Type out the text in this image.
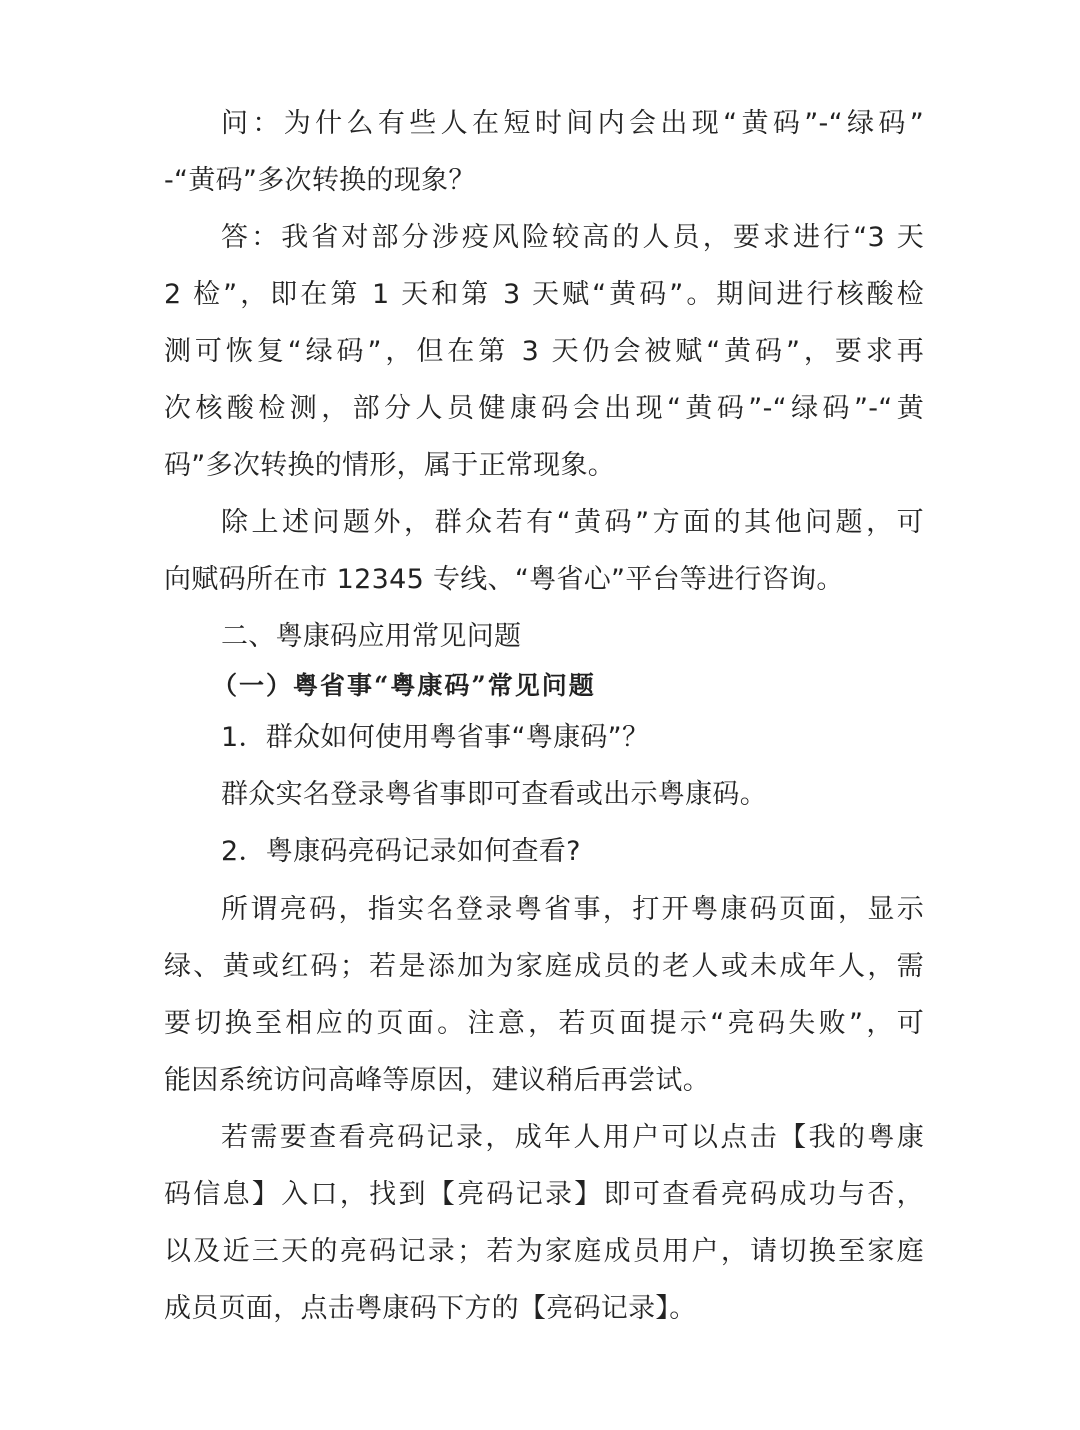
问：为什么有些人在短时间内会出现“黄码”-“绿码”
-“黄码”多次转换的现象？
答：我省对部分涉疫风险较高的人员，要求进行“3 天
2 检”，即在第 1 天和第 3 天赋“黄码”。期间进行核酸检
测可恢复“绿码”，但在第 3 天仍会被赋“黄码”，要求再
次核酸检测，部分人员健康码会出现“黄码”-“绿码”-“黄
码”多次转换的情形，属于正常现象。
除上述问题外，群众若有“黄码”方面的其他问题，可
向赋码所在市 12345 专线、“粤省心”平台等进行咨询。
二、粤康码应用常见问题
（一）粤省事“粤康码”常见问题
1．群众如何使用粤省事“粤康码”？
群众实名登录粤省事即可查看或出示粤康码。
2．粤康码亮码记录如何查看?
所谓亮码，指实名登录粤省事，打开粤康码页面，显示
绿、黄或红码；若是添加为家庭成员的老人或未成年人，需
要切换至相应的页面。注意，若页面提示“亮码失败”，可
能因系统访问高峰等原因，建议稍后再尝试。
若需要查看亮码记录，成年人用户可以点击【我的粤康
码信息】入口，找到【亮码记录】即可查看亮码成功与否，
以及近三天的亮码记录；若为家庭成员用户，请切换至家庭
成员页面，点击粤康码下方的【亮码记录】。
